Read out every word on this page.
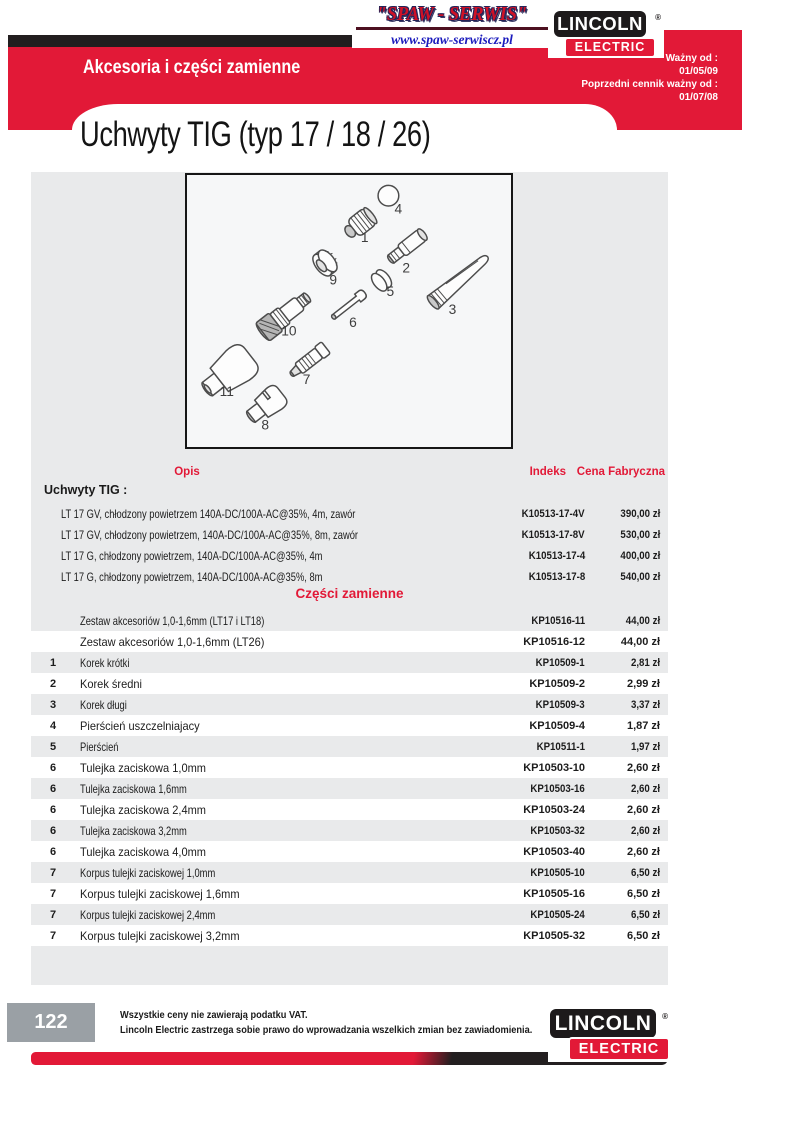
"SPAW - SERWIS"
www.spaw-serwiscz.pl
LINCOLN	®
ELECTRIC
Akcesoria i części zamienne	Ważny od :
01/05/09
Poprzedni cennik ważny od :
01/07/08
Uchwyty TIG (typ 17 / 18 / 26)
1
2
3
4
5
6
7
8
9
10
11
Opis	Indeks Cena Fabryczna
Uchwyty TIG :
LT 17 GV, chłodzony powietrzem 140A-DC/100A-AC@35%, 4m, zawór	K10513-17-4V	390,00 zł
LT 17 GV, chłodzony powietrzem, 140A-DC/100A-AC@35%, 8m, zawór	K10513-17-8V	530,00 zł
LT 17 G, chłodzony powietrzem, 140A-DC/100A-AC@35%, 4m	K10513-17-4	400,00 zł
LT 17 G, chłodzony powietrzem, 140A-DC/100A-AC@35%, 8m	K10513-17-8	540,00 zł
Części zamienne
Zestaw akcesoriów 1,0-1,6mm (LT17 i LT18)	KP10516-11	44,00 zł
Zestaw akcesoriów 1,0-1,6mm (LT26)	KP10516-12	44,00 zł
1	Korek krótki	KP10509-1	2,81 zł
2	Korek średni	KP10509-2	2,99 zł
3	Korek długi	KP10509-3	3,37 zł
4	Pierścień uszczelniajacy	KP10509-4	1,87 zł
5	Pierścień	KP10511-1	1,97 zł
6	Tulejka zaciskowa 1,0mm	KP10503-10	2,60 zł
6	Tulejka zaciskowa 1,6mm	KP10503-16	2,60 zł
6	Tulejka zaciskowa 2,4mm	KP10503-24	2,60 zł
6	Tulejka zaciskowa 3,2mm	KP10503-32	2,60 zł
6	Tulejka zaciskowa 4,0mm	KP10503-40	2,60 zł
7	Korpus tulejki zaciskowej 1,0mm	KP10505-10	6,50 zł
7	Korpus tulejki zaciskowej 1,6mm	KP10505-16	6,50 zł
7	Korpus tulejki zaciskowej 2,4mm	KP10505-24	6,50 zł
7	Korpus tulejki zaciskowej 3,2mm	KP10505-32	6,50 zł
122	Wszystkie ceny nie zawierają podatku VAT.
Lincoln Electric zastrzega sobie prawo do wprowadzania wszelkich zmian bez zawiadomienia. LINCOLN	®
ELECTRIC
